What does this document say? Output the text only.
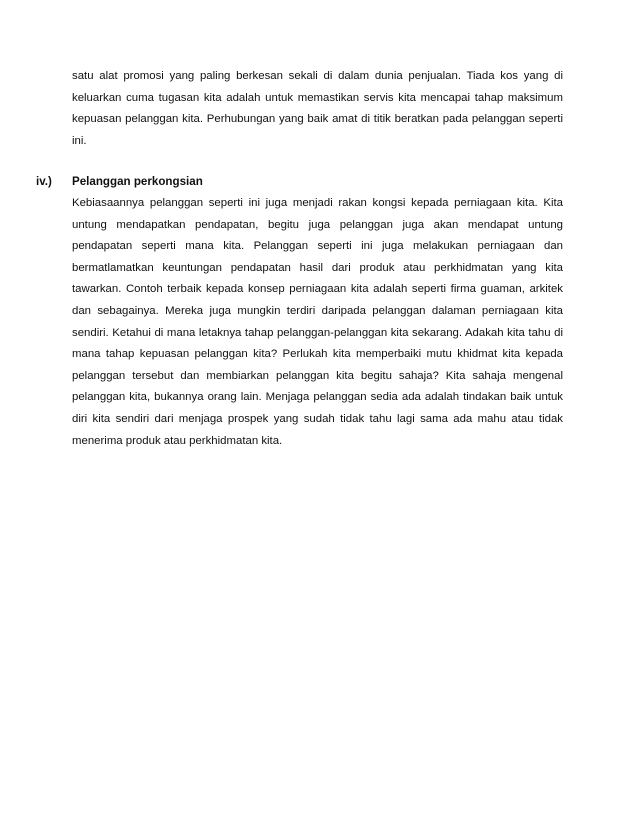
satu alat promosi yang paling berkesan sekali di dalam dunia penjualan. Tiada kos yang di keluarkan cuma tugasan kita adalah untuk memastikan servis kita mencapai tahap maksimum kepuasan pelanggan kita. Perhubungan yang baik amat di titik beratkan pada pelanggan seperti ini.

iv.) Pelanggan perkongsian

Kebiasaannya pelanggan seperti ini juga menjadi rakan kongsi kepada perniagaan kita. Kita untung mendapatkan pendapatan, begitu juga pelanggan juga akan mendapat untung pendapatan seperti mana kita. Pelanggan seperti ini juga melakukan perniagaan dan bermatlamatkan keuntungan pendapatan hasil dari produk atau perkhidmatan yang kita tawarkan. Contoh terbaik kepada konsep perniagaan kita adalah seperti firma guaman, arkitek dan sebagainya. Mereka juga mungkin terdiri daripada pelanggan dalaman perniagaan kita sendiri. Ketahui di mana letaknya tahap pelanggan-pelanggan kita sekarang. Adakah kita tahu di mana tahap kepuasan pelanggan kita? Perlukah kita memperbaiki mutu khidmat kita kepada pelanggan tersebut dan membiarkan pelanggan kita begitu sahaja? Kita sahaja mengenal pelanggan kita, bukannya orang lain. Menjaga pelanggan sedia ada adalah tindakan baik untuk diri kita sendiri dari menjaga prospek yang sudah tidak tahu lagi sama ada mahu atau tidak menerima produk atau perkhidmatan kita.
